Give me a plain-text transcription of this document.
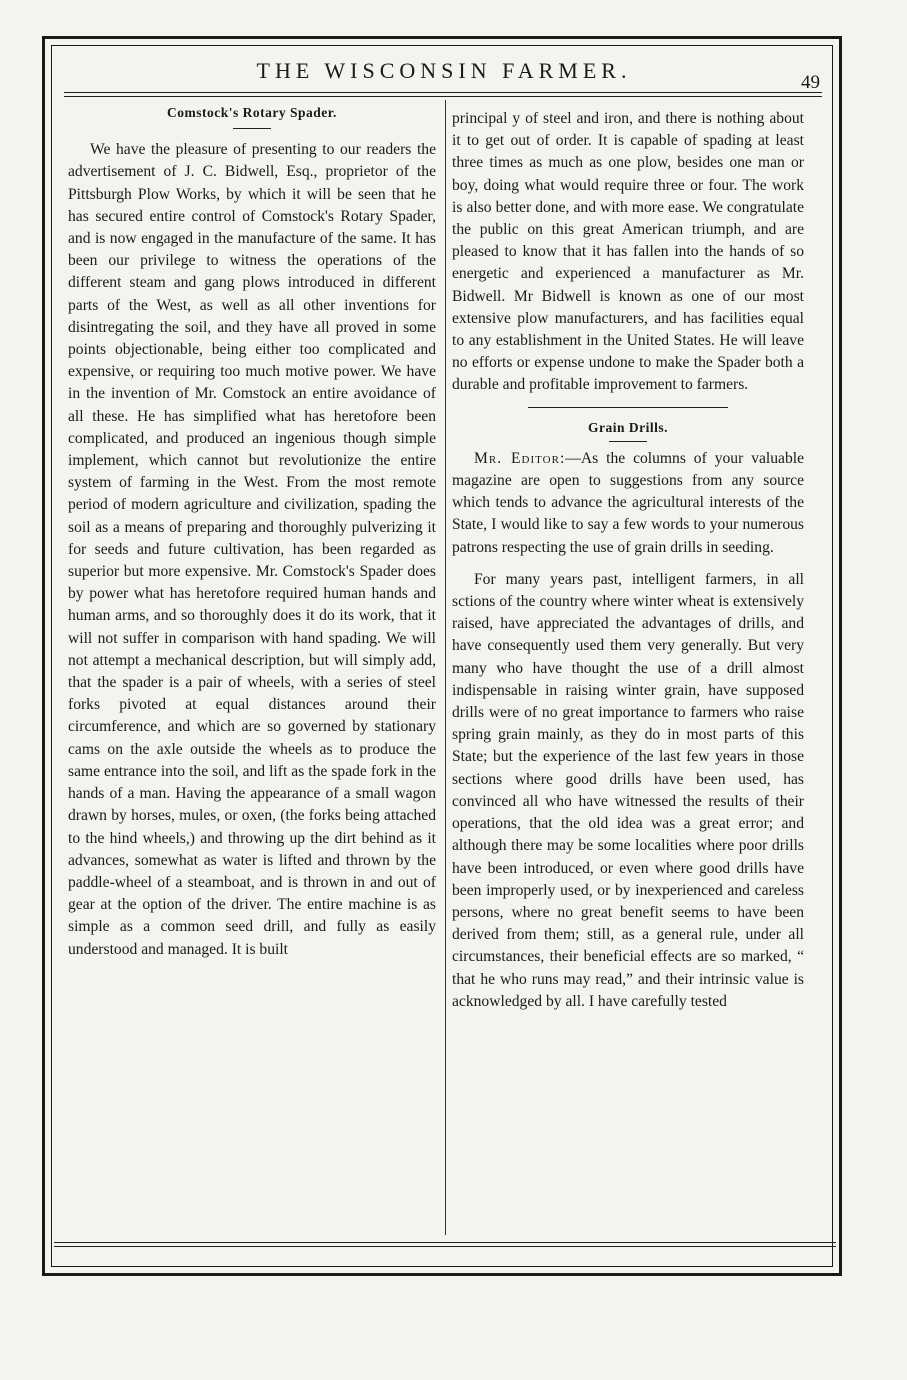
THE WISCONSIN FARMER.	49
Comstock's Rotary Spader.

We have the pleasure of presenting to our readers the advertisement of J. C. Bidwell, Esq., proprietor of the Pittsburgh Plow Works, by which it will be seen that he has secured entire control of Comstock's Rotary Spader, and is now engaged in the manufacture of the same. It has been our privilege to witness the operations of the different steam and gang plows introduced in different parts of the West, as well as all other inventions for disintregating the soil, and they have all proved in some points objectionable, being either too complicated and expensive, or requiring too much motive power. We have in the invention of Mr. Comstock an entire avoidance of all these. He has simplified what has heretofore been complicated, and produced an ingenious though simple implement, which cannot but revolutionize the entire system of farming in the West. From the most remote period of modern agriculture and civilization, spading the soil as a means of preparing and thoroughly pulverizing it for seeds and future cultivation, has been regarded as superior but more expensive. Mr. Comstock's Spader does by power what has heretofore required human hands and human arms, and so thoroughly does it do its work, that it will not suffer in comparison with hand spading. We will not attempt a mechanical description, but will simply add, that the spader is a pair of wheels, with a series of steel forks pivoted at equal distances around their circumference, and which are so governed by stationary cams on the axle outside the wheels as to produce the same entrance into the soil, and lift as the spade fork in the hands of a man. Having the appearance of a small wagon drawn by horses, mules, or oxen, (the forks being attached to the hind wheels,) and throwing up the dirt behind as it advances, somewhat as water is lifted and thrown by the paddle-wheel of a steamboat, and is thrown in and out of gear at the option of the driver. The entire machine is as simple as a common seed drill, and fully as easily understood and managed. It is built

principal y of steel and iron, and there is nothing about it to get out of order. It is capable of spading at least three times as much as one plow, besides one man or boy, doing what would require three or four. The work is also better done, and with more ease. We congratulate the public on this great American triumph, and are pleased to know that it has fallen into the hands of so energetic and experienced a manufacturer as Mr. Bidwell. Mr Bidwell is known as one of our most extensive plow manufacturers, and has facilities equal to any establishment in the United States. He will leave no efforts or expense undone to make the Spader both a durable and profitable improvement to farmers.

Grain Drills.

Mr. Editor:—As the columns of your valuable magazine are open to suggestions from any source which tends to advance the agricultural interests of the State, I would like to say a few words to your numerous patrons respecting the use of grain drills in seeding.

For many years past, intelligent farmers, in all sctions of the country where winter wheat is extensively raised, have appreciated the advantages of drills, and have consequently used them very generally. But very many who have thought the use of a drill almost indispensable in raising winter grain, have supposed drills were of no great importance to farmers who raise spring grain mainly, as they do in most parts of this State; but the experience of the last few years in those sections where good drills have been used, has convinced all who have witnessed the results of their operations, that the old idea was a great error; and although there may be some localities where poor drills have been introduced, or even where good drills have been improperly used, or by inexperienced and careless persons, where no great benefit seems to have been derived from them; still, as a general rule, under all circumstances, their beneficial effects are so marked, “ that he who runs may read,” and their intrinsic value is acknowledged by all. I have carefully tested
